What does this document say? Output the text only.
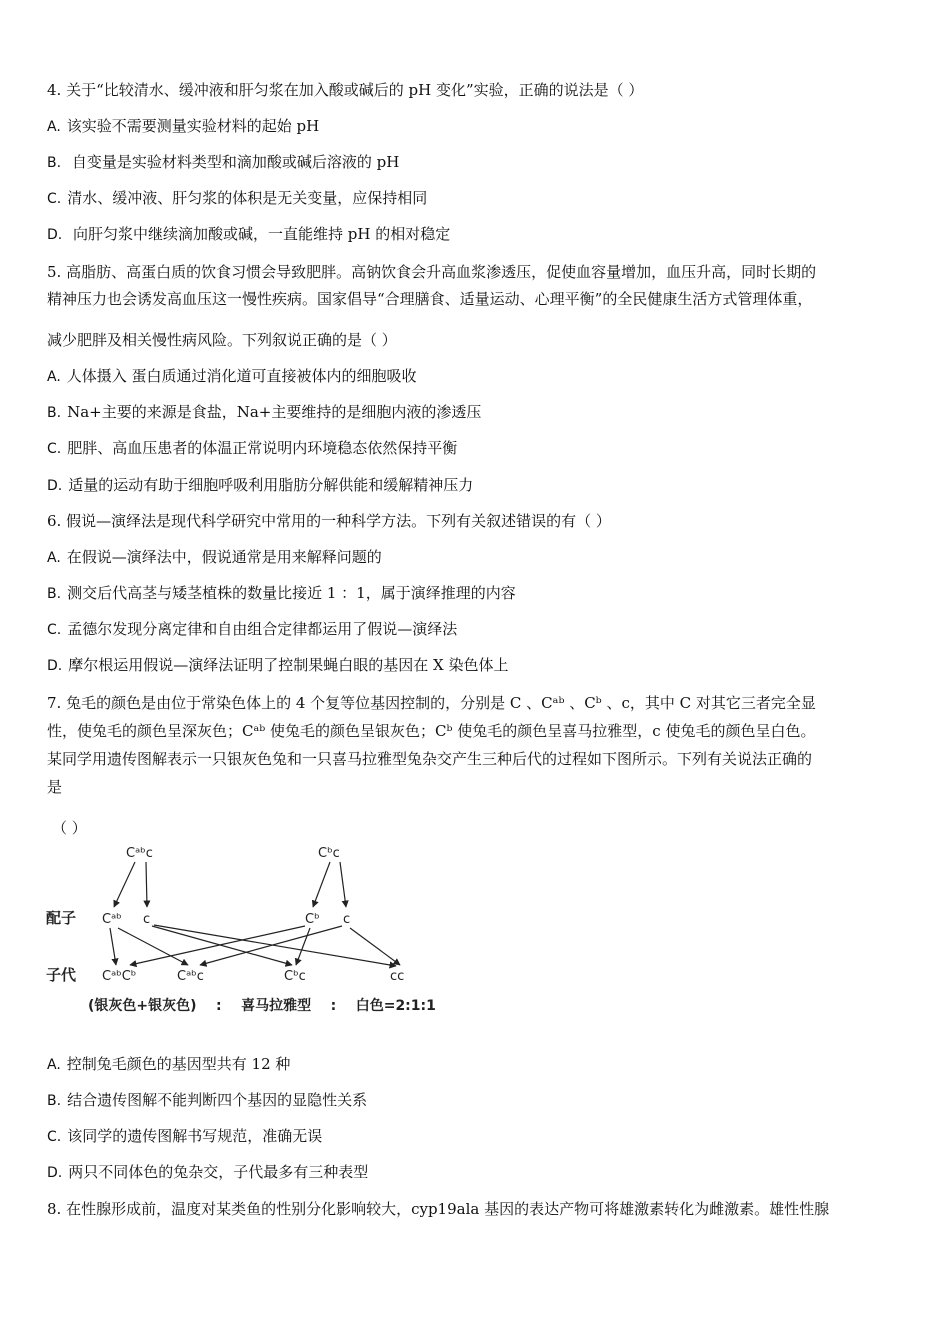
4. 关于“比较清水、缓冲液和肝匀浆在加入酸或碱后的 pH 变化”实验，正确的说法是（ ）
A. 该实验不需要测量实验材料的起始 pH
B. 自变量是实验材料类型和滴加酸或碱后溶液的 pH
C. 清水、缓冲液、肝匀浆的体积是无关变量，应保持相同
D. 向肝匀浆中继续滴加酸或碱，一直能维持 pH 的相对稳定
5. 高脂肪、高蛋白质的饮食习惯会导致肥胖。高钠饮食会升高血浆渗透压，促使血容量增加，血压升高，同时长期的
精神压力也会诱发高血压这一慢性疾病。国家倡导“合理膳食、适量运动、心理平衡”的全民健康生活方式管理体重，
减少肥胖及相关慢性病风险。下列叙说正确的是（ ）
A. 人体摄入 蛋白质通过消化道可直接被体内的细胞吸收
B. Na+主要的来源是食盐，Na+主要维持的是细胞内液的渗透压
C. 肥胖、高血压患者的体温正常说明内环境稳态依然保持平衡
D. 适量的运动有助于细胞呼吸利用脂肪分解供能和缓解精神压力
6. 假说—演绎法是现代科学研究中常用的一种科学方法。下列有关叙述错误的有（ ）
A. 在假说—演绎法中，假说通常是用来解释问题的
B. 测交后代高茎与矮茎植株的数量比接近 1 ：1，属于演绎推理的内容
C. 孟德尔发现分离定律和自由组合定律都运用了假说—演绎法
D. 摩尔根运用假说—演绎法证明了控制果蝇白眼的基因在 X 染色体上
7. 兔毛的颜色是由位于常染色体上的 4 个复等位基因控制的，分别是 C 、Cᵃᵇ 、Cᵇ 、c，其中 C 对其它三者完全显
性，使兔毛的颜色呈深灰色；Cᵃᵇ 使兔毛的颜色呈银灰色；Cᵇ 使兔毛的颜色呈喜马拉雅型，c 使兔毛的颜色呈白色。
某同学用遗传图解表示一只银灰色兔和一只喜马拉雅型兔杂交产生三种后代的过程如下图所示。下列有关说法正确的
是
（ ）
配子
子代
Cᵃᵇc	Cᵇc
Cᵃᵇ c	Cᵇ c
CᵃᵇCᵇ	Cᵃᵇc	Cᵇc	cc
(银灰色+银灰色)    :    喜马拉雅型    :    白色=2:1:1
A. 控制兔毛颜色的基因型共有 12 种
B. 结合遗传图解不能判断四个基因的显隐性关系
C. 该同学的遗传图解书写规范，准确无误
D. 两只不同体色的兔杂交，子代最多有三种表型
8. 在性腺形成前，温度对某类鱼的性别分化影响较大，cyp19ala 基因的表达产物可将雄激素转化为雌激素。雄性性腺
